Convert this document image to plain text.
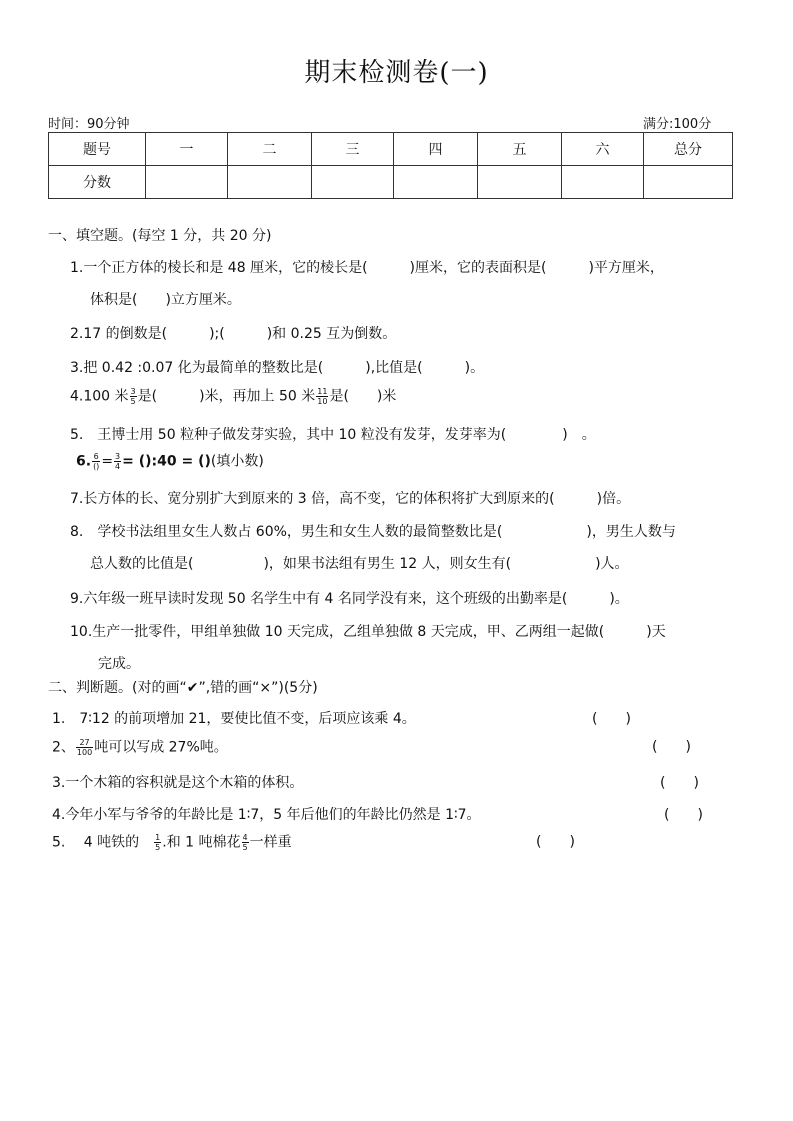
期末检测卷(一)
时间：90分钟	满分:100分
题号	一	二	三	四	五	六	总分
分数							
一、填空题。(每空 1 分，共 20 分)
1.一个正方体的棱长和是 48 厘米，它的棱长是(　　　)厘米，它的表面积是(　　　)平方厘米，
体积是(　　)立方厘米。
2.17 的倒数是(　　　);(　　　)和 0.25 互为倒数。
3.把 0.42 :0.07 化为最简单的整数比是(　　　),比值是(　　　)。
4.100 米 $\frac{3}{5}$ 是(　　　)米，再加上 50 米 $\frac{11}{10}$ 是(　　)米
5.　王博士用 50 粒种子做发芽实验，其中 10 粒没有发芽，发芽率为(　　　　)　。
6. $\frac{6}{()} = \frac{3}{4}$ = ():40 = ()(填小数)
7.长方体的长、宽分别扩大到原来的 3 倍，高不变，它的体积将扩大到原来的(　　　)倍。
8.　学校书法组里女生人数占 60%，男生和女生人数的最简整数比是(　　　　　　)，男生人数与
总人数的比值是(　　　　　)，如果书法组有男生 12 人，则女生有(　　　　　　)人。
9.六年级一班早读时发现 50 名学生中有 4 名同学没有来，这个班级的出勤率是(　　　)。
10.生产一批零件，甲组单独做 10 天完成，乙组单独做 8 天完成，甲、乙两组一起做(　　　)天
完成。
二、判断题。(对的画“✔”,错的画“×”)(5分)
1.　7∶12 的前项增加 21，要使比值不变，后项应该乘 4。	(　　)
2、 $\frac{27}{100}$ 吨可以写成 27%吨。	(　　)
3.一个木箱的容积就是这个木箱的体积。	(　　)
4.今年小军与爷爷的年龄比是 1∶7，5 年后他们的年龄比仍然是 1∶7。	(　　)
5.　 4 吨铁的 $\frac{1}{5}$ .和 1 吨棉花 $\frac{4}{5}$ 一样重	(　　)
